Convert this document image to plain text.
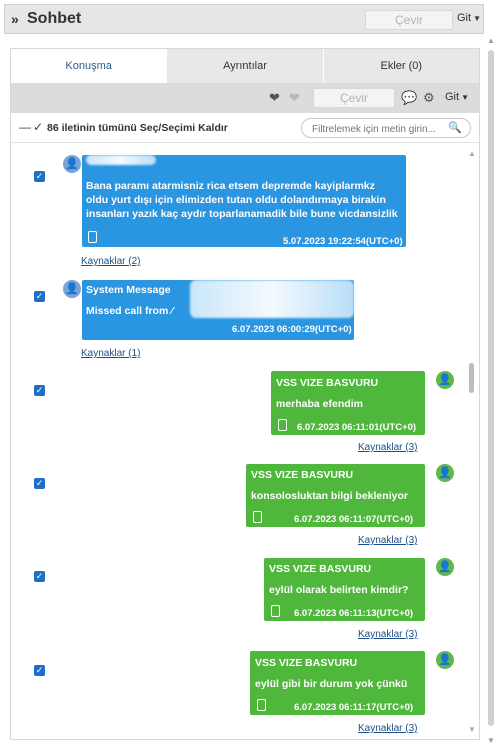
» Sohbet	Çevir	Git ▼
▲
▼
Konuşma	Ayrıntılar	Ekler (0)
❤ ❤	Çevir	💬 ⚙ Git ▼
— ✓ 86 iletinin tümünü Seç/Seçimi Kaldır
Filtrelemek için metin girin...	🔍
✓
Bana paramı atarmisniz rica etsem depremde kayiplarmkz
oldu yurt dışı için elimizden tutan oldu dolandırmaya birakin
insanları yazık kaç aydır toparlanamadik bile bune vicdansizlik
5.07.2023 19:22:54(UTC+0)
👤
Kaynaklar (2)
✓	System Message
Missed call from ⁄
6.07.2023 06:00:29(UTC+0)
👤
Kaynaklar (1)
✓
VSS VIZE BASVURU
merhaba efendim
6.07.2023 06:11:01(UTC+0)
👤
Kaynaklar (3)
✓
VSS VIZE BASVURU
konsolosluktan bilgi bekleniyor
6.07.2023 06:11:07(UTC+0)
👤
Kaynaklar (3)
✓
VSS VIZE BASVURU
eylül olarak belirten kimdir?
6.07.2023 06:11:13(UTC+0)
👤
Kaynaklar (3)
✓
VSS VIZE BASVURU
eylül gibi bir durum yok çünkü
6.07.2023 06:11:17(UTC+0)
👤
Kaynaklar (3)
▲
▼
